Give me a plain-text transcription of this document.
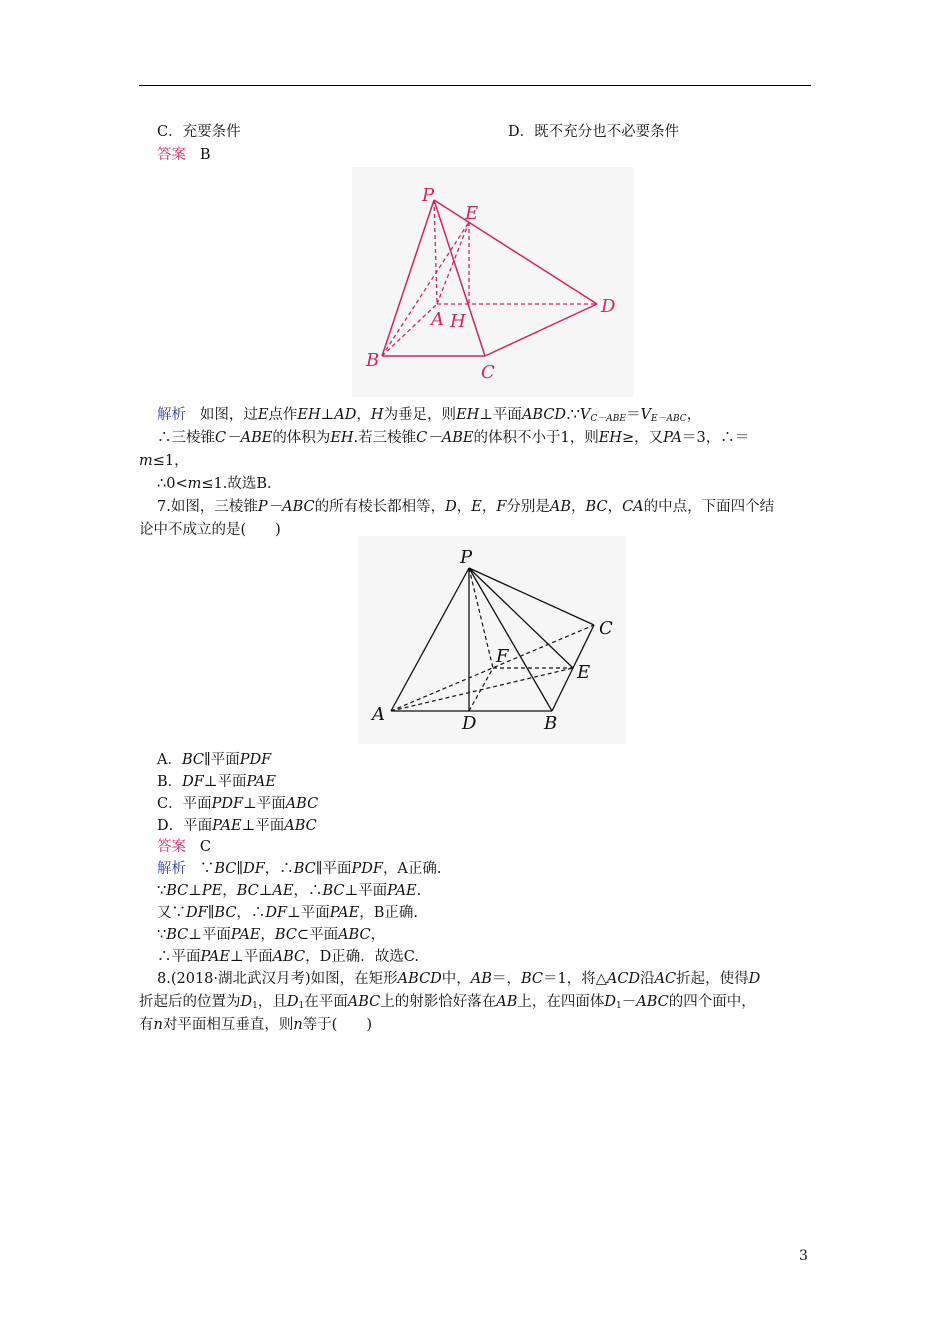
C．充要条件	D．既不充分也不必要条件
答案 B
P
E
A H
D
B
C
解析 如图，过E点作EH⊥AD，H为垂足，则EH⊥平面$ABCD.\because V_{C-ABE}=V_{E-ABC}$，
∴三棱锥C－ABE的体积为EH.若三棱锥C－ABE的体积不小于1，则EH≥，又PA＝3，∴＝
m≤1，
∴0<m≤1.故选B.
7.如图，三棱锥P－ABC的所有棱长都相等，D，E，F分别是AB，BC，CA的中点，下面四个结
论中不成立的是(　　)
P
C
F
E
A	D	B
A．BC∥平面PDF
B．DF⊥平面PAE
C．平面PDF⊥平面ABC
D．平面PAE⊥平面ABC
答案 C
解析 ∵BC∥DF，∴BC∥平面PDF，A正确.
∵BC⊥PE，BC⊥AE，∴BC⊥平面PAE.
又∵DF∥BC，∴DF⊥平面PAE，B正确.
∵BC⊥平面PAE，BC⊂平面ABC，
∴平面PAE⊥平面ABC，D正确．故选C.
8.(2018·湖北武汉月考)如图，在矩形ABCD中，AB＝，BC＝1，将△ACD沿AC折起，使得D
折起后的位置为$D_1$，且$D_1$在平面ABC上的射影恰好落在AB上，在四面体$D_1-ABC$的四个面中，
有n对平面相互垂直，则n等于(　　)
3
